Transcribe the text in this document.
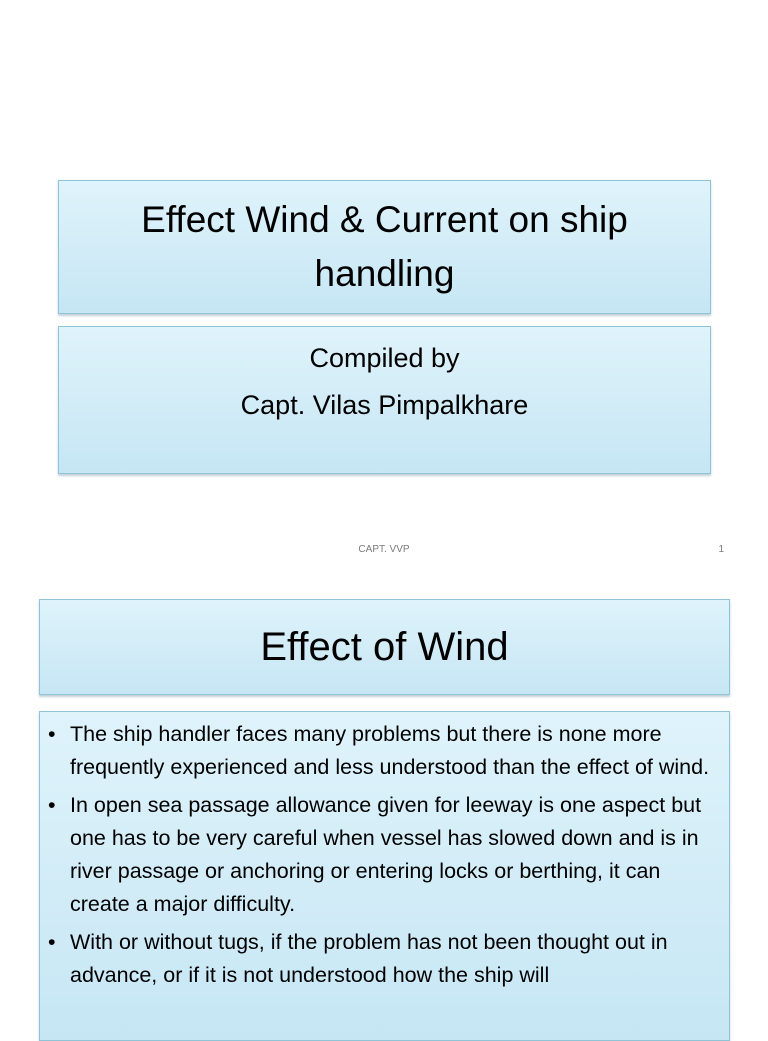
Effect Wind & Current on ship handling
Compiled by
Capt. Vilas Pimpalkhare
CAPT. VVP	1
Effect of Wind
• The ship handler faces many problems but there is none more frequently experienced and less understood than the effect of wind.
• In open sea passage allowance given for leeway is one aspect but one has to be very careful when vessel has slowed down and is in river passage or anchoring or entering locks or berthing, it can create a major difficulty.
• With or without tugs, if the problem has not been thought out in advance, or if it is not understood how the ship will
